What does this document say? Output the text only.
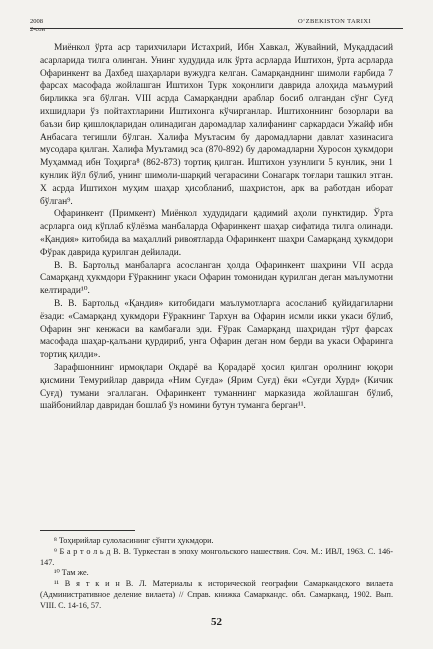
2008
2-сон
O‘ZBEKISTON TARIXI

Миёнкол ўрта аср тарихчилари Истахрий, Ибн Хавкал, Жувайний, Муқаддасий асарларида тилга олинган. Унинг худудида илк ўрта асрларда Иштихон, ўрта асрларда Офаринкент ва Дахбед шаҳарлари вужудга келган. Самарқанднинг шимоли ғарбида 7 фарсах масофада жойлашган Иштихон Турк хоқонлиги даврида алоҳида маъмурий бирликка эга бўлган. VIII асрда Самарқандни араблар босиб олгандан сўнг Суғд ихшидлари ўз пойтахтларини Иштихонга кўчирганлар. Иштихоннинг бозорлари ва баъзи бир қишлоқларидан олинадиган даромадлар халифанинг саркардаси Ужайф ибн Анбасага тегишли бўлган. Халифа Муътасим бу даромадларни давлат хазинасига мусодара қилган. Халифа Муътамид эса (870-892) бу даромадларни Хуросон ҳукмдори Муҳаммад ибн Тоҳирга⁸ (862-873) тортиқ қилган. Иштихон узунлиги 5 кунлик, эни 1 кунлик йўл бўлиб, унинг шимоли-шарқий чегарасини Сонагарк тоғлари ташкил этган. X асрда Иштихон муҳим шаҳар ҳисобланиб, шаҳристон, арк ва работдан иборат бўлган⁹.

Офаринкент (Примкент) Миёнкол худудидаги қадимий аҳоли пунктидир. Ўрта асрларга оид кўплаб кўлёзма манбаларда Офаринкент шаҳар сифатида тилга олинади. «Қандия» китобида ва маҳаллий ривоятларда Офаринкент шаҳри Самарқанд ҳукмдори Фўрак даврида қурилган дейилади.

В. В. Бартольд манбаларга асосланган ҳолда Офаринкент шаҳрини VII асрда Самарқанд ҳукмдори Ғўракнинг укаси Офарин томонидан қурилган деган маълумотни келтиради¹⁰.

В. В. Бартольд «Қандия» китобидаги маълумотларга асосланиб қуйидагиларни ёзади: «Самарқанд ҳукмдори Ғўракнинг Тархун ва Офарин исмли икки укаси бўлиб, Офарин энг кенжаси ва камбағали эди. Ғўрак Самарқанд шаҳридан тўрт фарсах масофада шаҳар-қалъани қурдириб, унга Офарин деган ном берди ва укаси Офаринга тортиқ қилди».

Зарафшоннинг ирмоқлари Оқдарё ва Қорадарё ҳосил қилган оролнинг юқори қисмини Темурийлар даврида «Ним Суғда» (Ярим Суғд) ёки «Суғди Хурд» (Кичик Суғд) тумани эгаллаган. Офаринкент туманнинг марказида жойлашган бўлиб, шайбонийлар давридан бошлаб ўз номини бутун туманга берган¹¹.

⁸ Тоҳирийлар сулоласининг сўнгги ҳукмдори.

⁹ Б а р т о л ь д В. В. Туркестан в эпоху монгольского нашествия. Соч. М.: ИВЛ, 1963. С. 146-147.

¹⁰ Там же.

¹¹ В я т к и н В. Л. Материалы к исторической географии Самаркандского вилаета (Административное деление вилаета) // Справ. книжка Самаркандс. обл. Самарканд, 1902. Вып. VIII. С. 14-16, 57.

52
